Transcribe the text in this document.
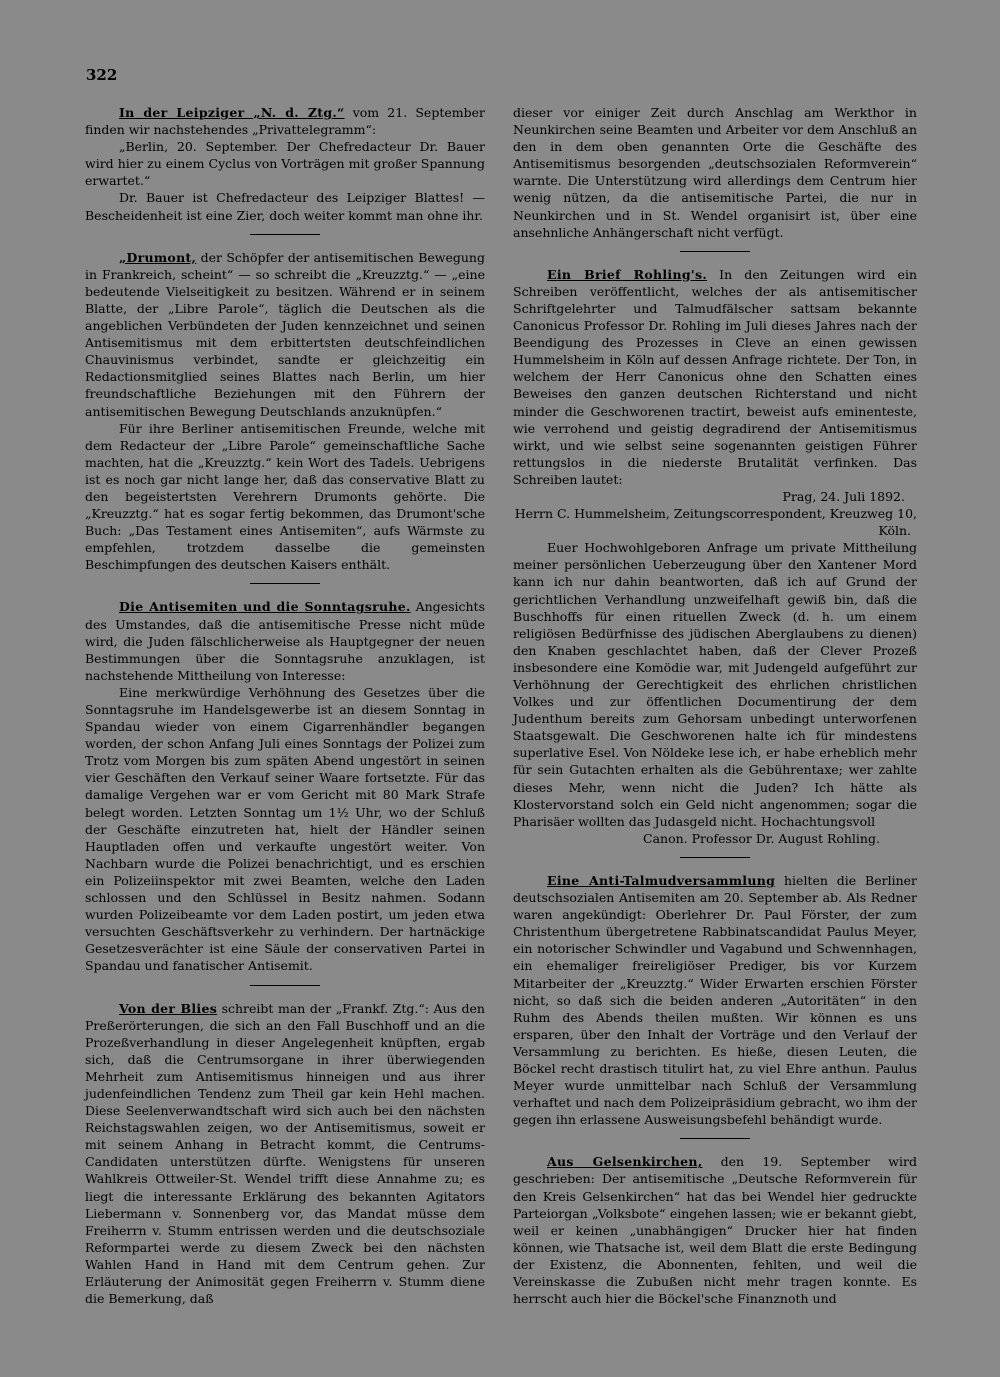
322

In der Leipziger „N. d. Ztg.“ vom 21. September finden wir nachstehendes „Privattelegramm“:

„Berlin, 20. September. Der Chefredacteur Dr. Bauer wird hier zu einem Cyclus von Vorträgen mit großer Spannung erwartet.“

Dr. Bauer ist Chefredacteur des Leipziger Blattes! — Bescheidenheit ist eine Zier, doch weiter kommt man ohne ihr.

„Drumont, der Schöpfer der antisemitischen Bewegung in Frankreich, scheint“ — so schreibt die „Kreuzztg.“ — „eine bedeutende Vielseitigkeit zu besitzen. Während er in seinem Blatte, der „Libre Parole“, täglich die Deutschen als die angeblichen Verbündeten der Juden kennzeichnet und seinen Antisemitismus mit dem erbittertsten deutschfeindlichen Chauvinismus verbindet, sandte er gleichzeitig ein Redactionsmitglied seines Blattes nach Berlin, um hier freundschaftliche Beziehungen mit den Führern der antisemitischen Bewegung Deutschlands anzuknüpfen.“

Für ihre Berliner antisemitischen Freunde, welche mit dem Redacteur der „Libre Parole“ gemeinschaftliche Sache machten, hat die „Kreuzztg.“ kein Wort des Tadels. Uebrigens ist es noch gar nicht lange her, daß das conservative Blatt zu den begeistertsten Verehrern Drumonts gehörte. Die „Kreuzztg.“ hat es sogar fertig bekommen, das Drumont'sche Buch: „Das Testament eines Antisemiten“, aufs Wärmste zu empfehlen, trotzdem dasselbe die gemeinsten Beschimpfungen des deutschen Kaisers enthält.

Die Antisemiten und die Sonntagsruhe. Angesichts des Umstandes, daß die antisemitische Presse nicht müde wird, die Juden fälschlicherweise als Hauptgegner der neuen Bestimmungen über die Sonntagsruhe anzuklagen, ist nachstehende Mittheilung von Interesse:

Eine merkwürdige Verhöhnung des Gesetzes über die Sonntagsruhe im Handelsgewerbe ist an diesem Sonntag in Spandau wieder von einem Cigarrenhändler begangen worden, der schon Anfang Juli eines Sonntags der Polizei zum Trotz vom Morgen bis zum späten Abend ungestört in seinen vier Geschäften den Verkauf seiner Waare fortsetzte. Für das damalige Vergehen war er vom Gericht mit 80 Mark Strafe belegt worden. Letzten Sonntag um 1½ Uhr, wo der Schluß der Geschäfte einzutreten hat, hielt der Händler seinen Hauptladen offen und verkaufte ungestört weiter. Von Nachbarn wurde die Polizei benachrichtigt, und es erschien ein Polizeiinspektor mit zwei Beamten, welche den Laden schlossen und den Schlüssel in Besitz nahmen. Sodann wurden Polizeibeamte vor dem Laden postirt, um jeden etwa versuchten Geschäftsverkehr zu verhindern. Der hartnäckige Gesetzesverächter ist eine Säule der conservativen Partei in Spandau und fanatischer Antisemit.

Von der Blies schreibt man der „Frankf. Ztg.“: Aus den Preßerörterungen, die sich an den Fall Buschhoff und an die Prozeßverhandlung in dieser Angelegenheit knüpften, ergab sich, daß die Centrumsorgane in ihrer überwiegenden Mehrheit zum Antisemitismus hinneigen und aus ihrer judenfeindlichen Tendenz zum Theil gar kein Hehl machen. Diese Seelenverwandtschaft wird sich auch bei den nächsten Reichstagswahlen zeigen, wo der Antisemitismus, soweit er mit seinem Anhang in Betracht kommt, die Centrums-Candidaten unterstützen dürfte. Wenigstens für unseren Wahlkreis Ottweiler-St. Wendel trifft diese Annahme zu; es liegt die interessante Erklärung des bekannten Agitators Liebermann v. Sonnenberg vor, das Mandat müsse dem Freiherrn v. Stumm entrissen werden und die deutschsoziale Reformpartei werde zu diesem Zweck bei den nächsten Wahlen Hand in Hand mit dem Centrum gehen. Zur Erläuterung der Animosität gegen Freiherrn v. Stumm diene die Bemerkung, daß

dieser vor einiger Zeit durch Anschlag am Werkthor in Neunkirchen seine Beamten und Arbeiter vor dem Anschluß an den in dem oben genannten Orte die Geschäfte des Antisemitismus besorgenden „deutschsozialen Reformverein“ warnte. Die Unterstützung wird allerdings dem Centrum hier wenig nützen, da die antisemitische Partei, die nur in Neunkirchen und in St. Wendel organisirt ist, über eine ansehnliche Anhängerschaft nicht verfügt.

Ein Brief Rohling's. In den Zeitungen wird ein Schreiben veröffentlicht, welches der als antisemitischer Schriftgelehrter und Talmudfälscher sattsam bekannte Canonicus Professor Dr. Rohling im Juli dieses Jahres nach der Beendigung des Prozesses in Cleve an einen gewissen Hummelsheim in Köln auf dessen Anfrage richtete. Der Ton, in welchem der Herr Canonicus ohne den Schatten eines Beweises den ganzen deutschen Richterstand und nicht minder die Geschworenen tractirt, beweist aufs eminenteste, wie verrohend und geistig degradirend der Antisemitismus wirkt, und wie selbst seine sogenannten geistigen Führer rettungslos in die niederste Brutalität verfinken. Das Schreiben lautet:

Prag, 24. Juli 1892.

Herrn C. Hummelsheim, Zeitungscorrespondent, Kreuzweg 10,

Köln.

Euer Hochwohlgeboren Anfrage um private Mittheilung meiner persönlichen Ueberzeugung über den Xantener Mord kann ich nur dahin beantworten, daß ich auf Grund der gerichtlichen Verhandlung unzweifelhaft gewiß bin, daß die Buschhoffs für einen rituellen Zweck (d. h. um einem religiösen Bedürfnisse des jüdischen Aberglaubens zu dienen) den Knaben geschlachtet haben, daß der Clever Prozeß insbesondere eine Komödie war, mit Judengeld aufgeführt zur Verhöhnung der Gerechtigkeit des ehrlichen christlichen Volkes und zur öffentlichen Documentirung der dem Judenthum bereits zum Gehorsam unbedingt unterworfenen Staatsgewalt. Die Geschworenen halte ich für mindestens superlative Esel. Von Nöldeke lese ich, er habe erheblich mehr für sein Gutachten erhalten als die Gebührentaxe; wer zahlte dieses Mehr, wenn nicht die Juden? Ich hätte als Klostervorstand solch ein Geld nicht angenommen; sogar die Pharisäer wollten das Judasgeld nicht. Hochachtungsvoll

Canon. Professor Dr. August Rohling.

Eine Anti-Talmudversammlung hielten die Berliner deutschsozialen Antisemiten am 20. September ab. Als Redner waren angekündigt: Oberlehrer Dr. Paul Förster, der zum Christenthum übergetretene Rabbinatscandidat Paulus Meyer, ein notorischer Schwindler und Vagabund und Schwennhagen, ein ehemaliger freireligiöser Prediger, bis vor Kurzem Mitarbeiter der „Kreuzztg.“ Wider Erwarten erschien Förster nicht, so daß sich die beiden anderen „Autoritäten“ in den Ruhm des Abends theilen mußten. Wir können es uns ersparen, über den Inhalt der Vorträge und den Verlauf der Versammlung zu berichten. Es hieße, diesen Leuten, die Böckel recht drastisch titulirt hat, zu viel Ehre anthun. Paulus Meyer wurde unmittelbar nach Schluß der Versammlung verhaftet und nach dem Polizeipräsidium gebracht, wo ihm der gegen ihn erlassene Ausweisungsbefehl behändigt wurde.

Aus Gelsenkirchen, den 19. September wird geschrieben: Der antisemitische „Deutsche Reformverein für den Kreis Gelsenkirchen“ hat das bei Wendel hier gedruckte Parteiorgan „Volksbote“ eingehen lassen; wie er bekannt giebt, weil er keinen „unabhängigen“ Drucker hier hat finden können, wie Thatsache ist, weil dem Blatt die erste Bedingung der Existenz, die Abonnenten, fehlten, und weil die Vereinskasse die Zubußen nicht mehr tragen konnte. Es herrscht auch hier die Böckel'sche Finanznoth und
